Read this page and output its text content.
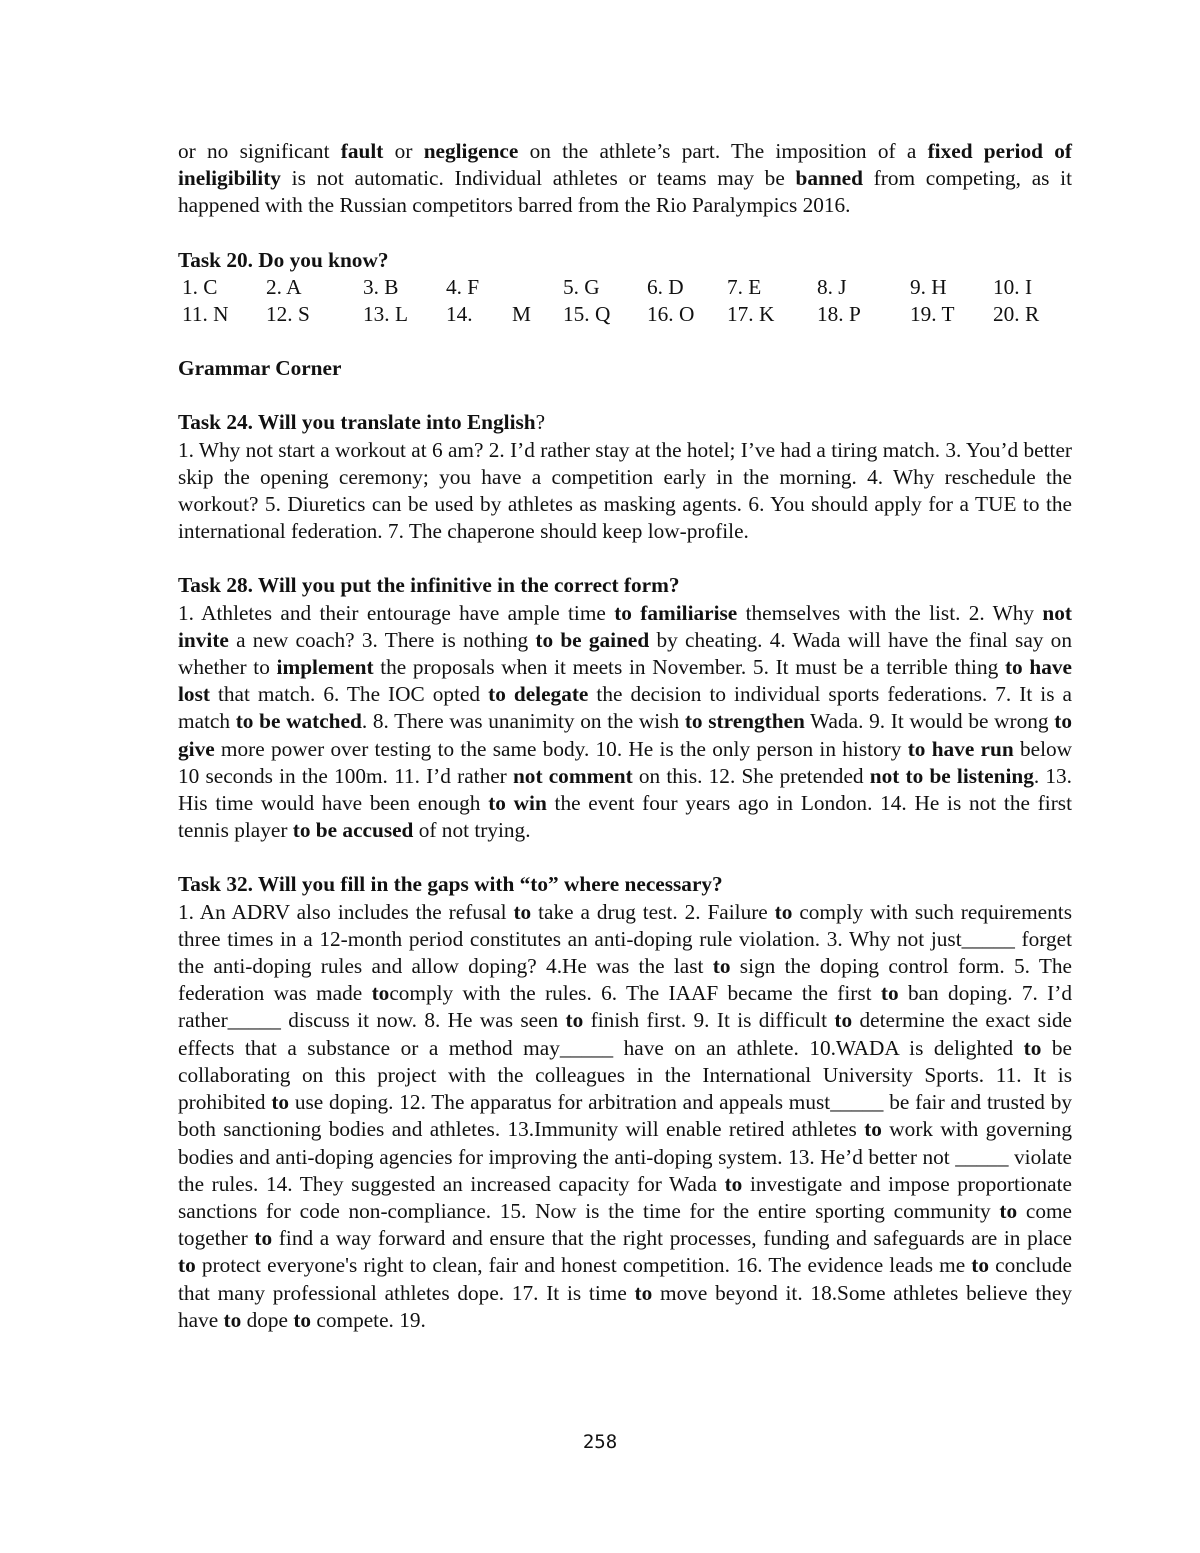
or no significant fault or negligence on the athlete’s part. The imposition of a fixed period of ineligibility is not automatic. Individual athletes or teams may be banned from competing, as it happened with the Russian competitors barred from the Rio Paralympics 2016.

Task 20. Do you know?

1. C	2. A	3. B	4. F		5. G	6. D	7. E	8. J	9. H	10. I
11. N	12. S	13. L	14.	M	15. Q	16. O	17. K	18. P	19. T	20. R

Grammar Corner

Task 24. Will you translate into English?

1. Why not start a workout at 6 am? 2. I’d rather stay at the hotel; I’ve had a tiring match. 3. You’d better skip the opening ceremony; you have a competition early in the morning. 4. Why reschedule the workout? 5. Diuretics can be used by athletes as masking agents. 6. You should apply for a TUE to the international federation. 7. The chaperone should keep low-profile.

Task 28. Will you put the infinitive in the correct form?

1. Athletes and their entourage have ample time to familiarise themselves with the list. 2. Why not invite a new coach? 3. There is nothing to be gained by cheating. 4. Wada will have the final say on whether to implement the proposals when it meets in November. 5. It must be a terrible thing to have lost that match. 6. The IOC opted to delegate the decision to individual sports federations. 7. It is a match to be watched. 8. There was unanimity on the wish to strengthen Wada. 9. It would be wrong to give more power over testing to the same body. 10. He is the only person in history to have run below 10 seconds in the 100m. 11. I’d rather not comment on this. 12. She pretended not to be listening. 13. His time would have been enough to win the event four years ago in London. 14. He is not the first tennis player to be accused of not trying.

Task 32. Will you fill in the gaps with “to” where necessary?

1. An ADRV also includes the refusal to take a drug test. 2. Failure to comply with such requirements three times in a 12-month period constitutes an anti-doping rule violation. 3. Why not just_____ forget the anti-doping rules and allow doping? 4.He was the last to sign the doping control form. 5. The federation was made tocomply with the rules. 6. The IAAF became the first to ban doping. 7. I’d rather_____ discuss it now. 8. He was seen to finish first. 9. It is difficult to determine the exact side effects that a substance or a method may_____ have on an athlete. 10.WADA is delighted to be collaborating on this project with the colleagues in the International University Sports. 11. It is prohibited to use doping. 12. The apparatus for arbitration and appeals must_____ be fair and trusted by both sanctioning bodies and athletes. 13.Immunity will enable retired athletes to work with governing bodies and anti-doping agencies for improving the anti-doping system. 13. He’d better not _____ violate the rules. 14. They suggested an increased capacity for Wada to investigate and impose proportionate sanctions for code non-compliance. 15. Now is the time for the entire sporting community to come together to find a way forward and ensure that the right processes, funding and safeguards are in place to protect everyone's right to clean, fair and honest competition. 16. The evidence leads me to conclude that many professional athletes dope. 17. It is time to move beyond it. 18.Some athletes believe they have to dope to compete. 19.

258
